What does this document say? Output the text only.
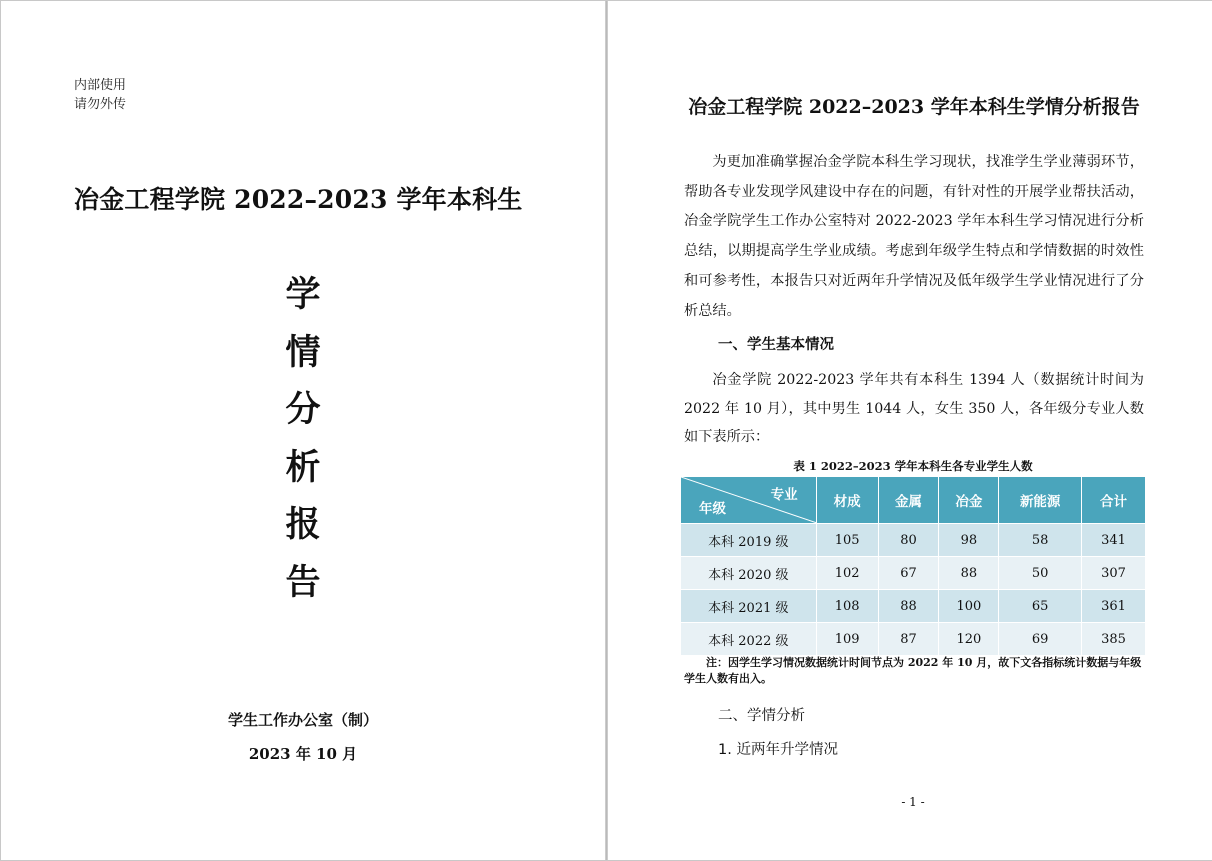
内部使用
请勿外传
冶金工程学院 2022–2023 学年本科生
学
情
分
析
报
告
学生工作办公室（制）
2023 年 10 月
冶金工程学院 2022–2023 学年本科生学情分析报告

为更加准确掌握冶金学院本科生学习现状，找准学生学业薄弱环节，帮助各专业发现学风建设中存在的问题，有针对性的开展学业帮扶活动，冶金学院学生工作办公室特对 2022-2023 学年本科生学习情况进行分析总结，以期提高学生学业成绩。考虑到年级学生特点和学情数据的时效性和可参考性，本报告只对近两年升学情况及低年级学生学业情况进行了分析总结。

一、学生基本情况

冶金学院 2022-2023 学年共有本科生 1394 人（数据统计时间为 2022 年 10 月），其中男生 1044 人，女生 350 人，各年级分专业人数如下表所示：

表 1 2022–2023 学年本科生各专业学生人数
专业
年级	材成	金属	冶金	新能源	合计
本科 2019 级	105	80	98	58	341
本科 2020 级	102	67	88	50	307
本科 2021 级	108	88	100	65	361
本科 2022 级	109	87	120	69	385

注：因学生学习情况数据统计时间节点为 2022 年 10 月，故下文各指标统计数据与年级学生人数有出入。

二、学情分析
1. 近两年升学情况
- 1 -
